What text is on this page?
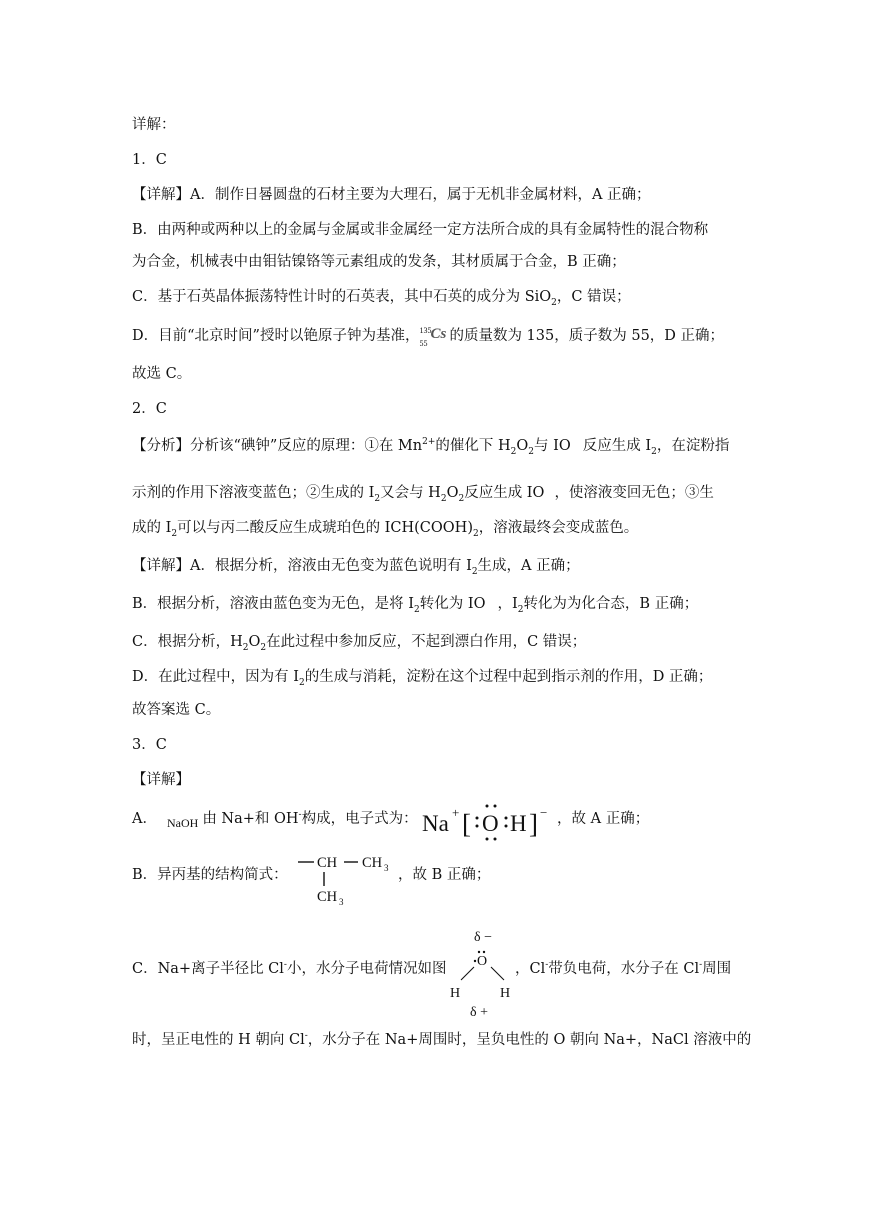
详解：
1．C
【详解】A．制作日晷圆盘的石材主要为大理石，属于无机非金属材料，A 正确；
B．由两种或两种以上的金属与金属或非金属经一定方法所合成的具有金属特性的混合物称
为合金，机械表中由钼钴镍铬等元素组成的发条，其材质属于合金，B 正确；
C．基于石英晶体振荡特性计时的石英表，其中石英的成分为 SiO$_2$，C 错误；
D．目前“北京时间”授时以铯原子钟为基准， 135
55
Cs 的质量数为 135，质子数为 55，D 正确；
故选 C。
2．C
【分析】分析该“碘钟”反应的原理：①在 $Mn^{2+}$的催化下 $H_2O_2$与 IO 反应生成 $I_2$，在淀粉指
示剂的作用下溶液变蓝色；②生成的 $I_2$又会与 $H_2O_2$反应生成 IO ，使溶液变回无色；③生
成的 $I_2$可以与丙二酸反应生成琥珀色的 $ICH(COOH)_2$，溶液最终会变成蓝色。
【详解】A．根据分析，溶液由无色变为蓝色说明有 $I_2$生成，A 正确；
B．根据分析，溶液由蓝色变为无色，是将 $I_2$转化为 IO ，$I_2$转化为为化合态，B 正确；
C．根据分析，$H_2O_2$在此过程中参加反应，不起到漂白作用，C 错误；
D．在此过程中，因为有 $I_2$的生成与消耗，淀粉在这个过程中起到指示剂的作用，D 正确；
故答案选 C。
3．C
【详解】
A． $_{NaOH}$ 由 Na+和 OH-构成，电子式为： Na + [ O H ] − ，故 A 正确；
B．异丙基的结构简式：
CH CH 3
CH 3
，故 B 正确；
C．Na+离子半径比 Cl-小，水分子电荷情况如图
δ −
O
H	H
δ +
，Cl-带负电荷，水分子在 Cl-周围
时，呈正电性的 H 朝向 Cl-，水分子在 Na+周围时，呈负电性的 O 朝向 Na+，NaCl 溶液中的
